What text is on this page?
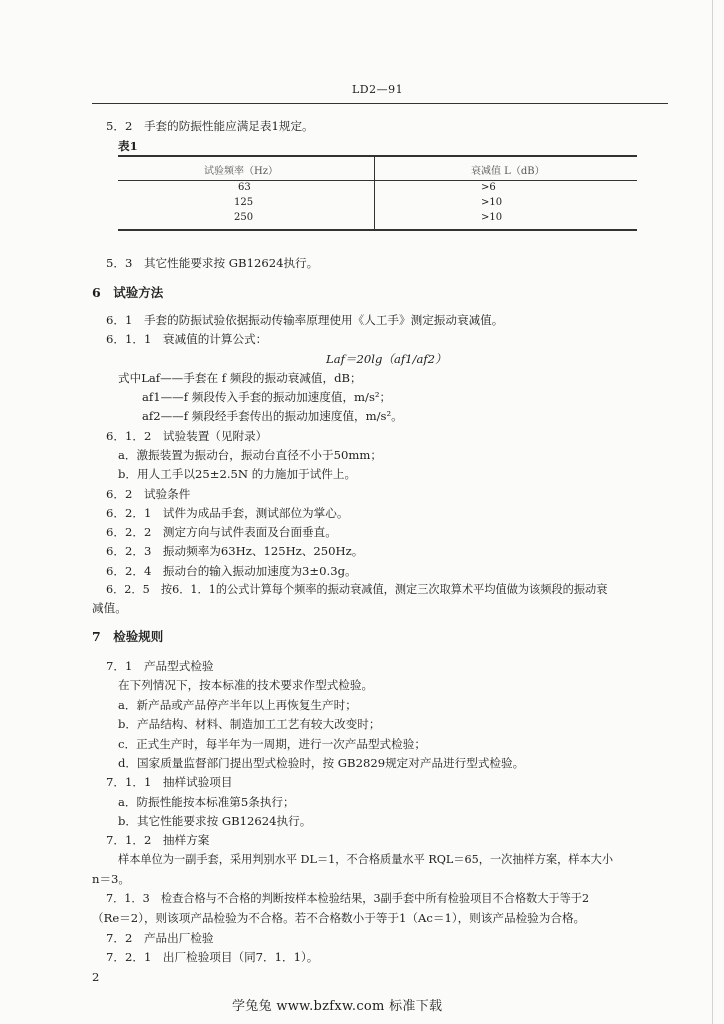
LD2—91
5．2　手套的防振性能应满足表1规定。
表1
试验频率（Hz）	衰减值 L（dB）
63	>6
125	>10
250	>10
5．3　其它性能要求按 GB12624执行。
6　试验方法
6．1　手套的防振试验依据振动传输率原理使用《人工手》测定振动衰减值。
6．1．1　衰减值的计算公式：
Laf＝20lg（af1/af2）
式中Laf——手套在 f 频段的振动衰减值，dB；
af1——f 频段传入手套的振动加速度值，m/s²；
af2——f 频段经手套传出的振动加速度值，m/s²。
6．1．2　试验装置（见附录）
a．激振装置为振动台，振动台直径不小于50mm；
b．用人工手以25±2.5N 的力施加于试件上。
6．2　试验条件
6．2．1　试件为成品手套，测试部位为掌心。
6．2．2　测定方向与试件表面及台面垂直。
6．2．3　振动频率为63Hz、125Hz、250Hz。
6．2．4　振动台的输入振动加速度为3±0.3g。
6．2．5　按6．1．1的公式计算每个频率的振动衰减值，测定三次取算术平均值做为该频段的振动衰
减值。
7　检验规则
7．1　产品型式检验
在下列情况下，按本标准的技术要求作型式检验。
a．新产品或产品停产半年以上再恢复生产时；
b．产品结构、材料、制造加工工艺有较大改变时；
c．正式生产时，每半年为一周期，进行一次产品型式检验；
d．国家质量监督部门提出型式检验时，按 GB2829规定对产品进行型式检验。
7．1．1　抽样试验项目
a．防振性能按本标准第5条执行；
b．其它性能要求按 GB12624执行。
7．1．2　抽样方案
样本单位为一副手套，采用判别水平 DL＝1，不合格质量水平 RQL＝65，一次抽样方案，样本大小
n＝3。
7．1．3　检查合格与不合格的判断按样本检验结果，3副手套中所有检验项目不合格数大于等于2
（Re＝2），则该项产品检验为不合格。若不合格数小于等于1（Ac＝1），则该产品检验为合格。
7．2　产品出厂检验
7．2．1　出厂检验项目（同7．1．1）。
2
学兔兔 www.bzfxw.com 标准下载
